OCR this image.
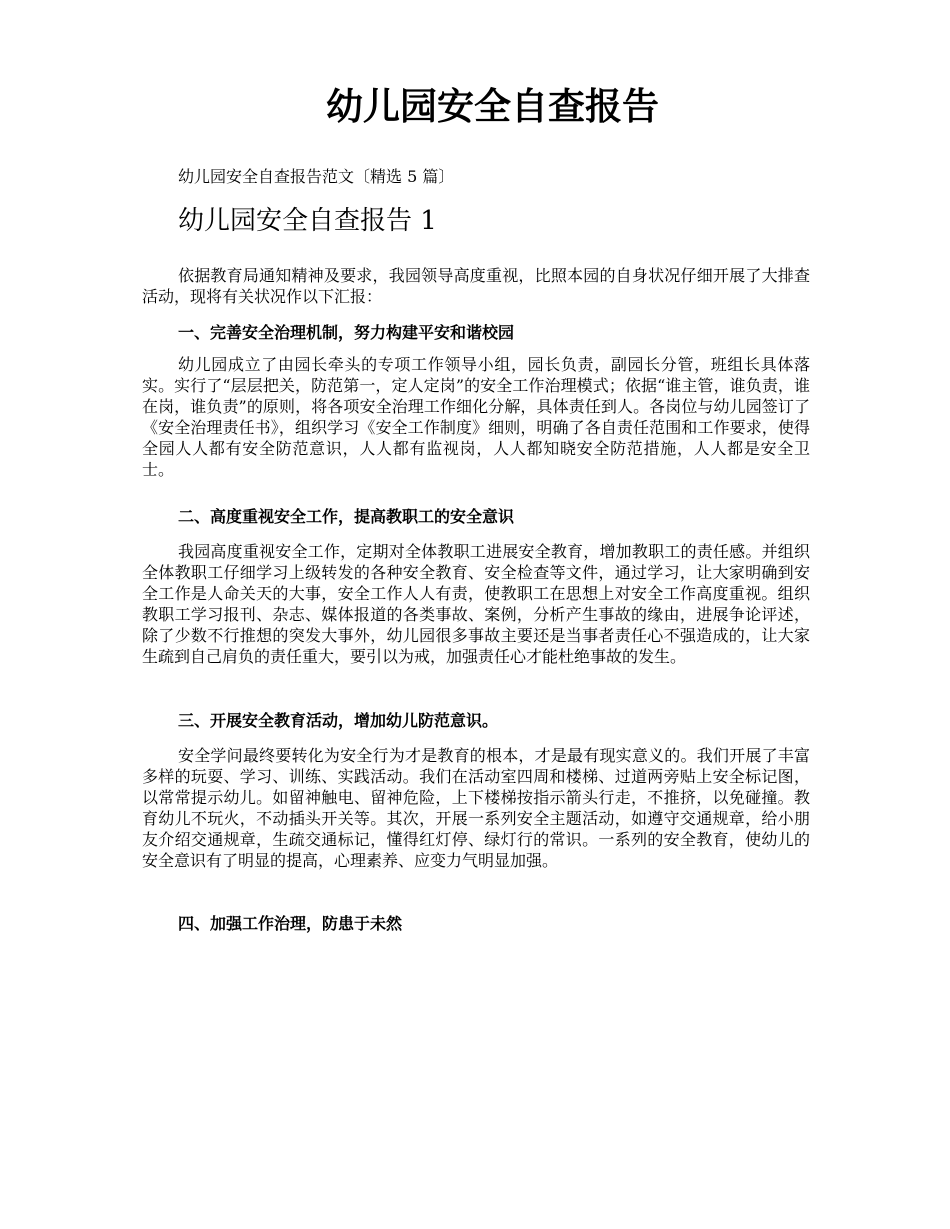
幼儿园安全自查报告
幼儿园安全自查报告范文〔精选 5 篇〕
幼儿园安全自查报告 1

依据教育局通知精神及要求，我园领导高度重视，比照本园的自身状况仔细开展了大排查活动，现将有关状况作以下汇报：

一、完善安全治理机制，努力构建平安和谐校园

幼儿园成立了由园长牵头的专项工作领导小组，园长负责，副园长分管，班组长具体落实。实行了“层层把关，防范第一，定人定岗”的安全工作治理模式；依据“谁主管，谁负责，谁在岗，谁负责”的原则，将各项安全治理工作细化分解，具体责任到人。各岗位与幼儿园签订了《安全治理责任书》，组织学习《安全工作制度》细则，明确了各自责任范围和工作要求，使得全园人人都有安全防范意识，人人都有监视岗，人人都知晓安全防范措施，人人都是安全卫士。

二、高度重视安全工作，提高教职工的安全意识

我园高度重视安全工作，定期对全体教职工进展安全教育，增加教职工的责任感。并组织全体教职工仔细学习上级转发的各种安全教育、安全检查等文件，通过学习，让大家明确到安全工作是人命关天的大事，安全工作人人有责，使教职工在思想上对安全工作高度重视。组织教职工学习报刊、杂志、媒体报道的各类事故、案例，分析产生事故的缘由，进展争论评述，除了少数不行推想的突发大事外，幼儿园很多事故主要还是当事者责任心不强造成的，让大家生疏到自己肩负的责任重大，要引以为戒，加强责任心才能杜绝事故的发生。

三、开展安全教育活动，增加幼儿防范意识。

安全学问最终要转化为安全行为才是教育的根本，才是最有现实意义的。我们开展了丰富多样的玩耍、学习、训练、实践活动。我们在活动室四周和楼梯、过道两旁贴上安全标记图，以常常提示幼儿。如留神触电、留神危险，上下楼梯按指示箭头行走，不推挤，以免碰撞。教育幼儿不玩火，不动插头开关等。其次，开展一系列安全主题活动，如遵守交通规章，给小朋友介绍交通规章，生疏交通标记，懂得红灯停、绿灯行的常识。一系列的安全教育，使幼儿的安全意识有了明显的提高，心理素养、应变力气明显加强。

四、加强工作治理，防患于未然
